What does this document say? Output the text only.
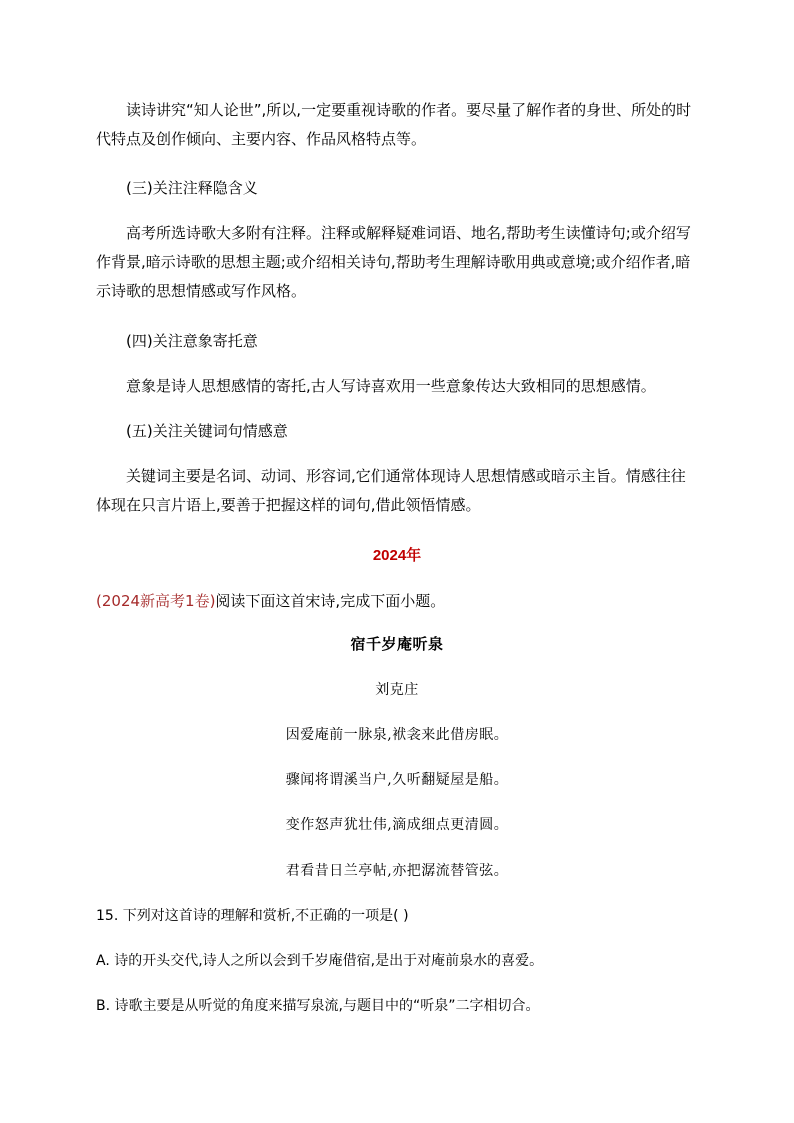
读诗讲究“知人论世”,所以,一定要重视诗歌的作者。要尽量了解作者的身世、所处的时代特点及创作倾向、主要内容、作品风格特点等。

(三)关注注释隐含义

高考所选诗歌大多附有注释。注释或解释疑难词语、地名,帮助考生读懂诗句;或介绍写作背景,暗示诗歌的思想主题;或介绍相关诗句,帮助考生理解诗歌用典或意境;或介绍作者,暗示诗歌的思想情感或写作风格。

(四)关注意象寄托意

意象是诗人思想感情的寄托,古人写诗喜欢用一些意象传达大致相同的思想感情。

(五)关注关键词句情感意

关键词主要是名词、动词、形容词,它们通常体现诗人思想情感或暗示主旨。情感往往体现在只言片语上,要善于把握这样的词句,借此领悟情感。

2024年

(2024新高考1卷)阅读下面这首宋诗,完成下面小题。

宿千岁庵听泉

刘克庄

因爱庵前一脉泉,袱衾来此借房眠。

骤闻将谓溪当户,久听翻疑屋是船。

变作怒声犹壮伟,滴成细点更清圆。

君看昔日兰亭帖,亦把潺流替管弦。

15. 下列对这首诗的理解和赏析,不正确的一项是( )

A. 诗的开头交代,诗人之所以会到千岁庵借宿,是出于对庵前泉水的喜爱。

B. 诗歌主要是从听觉的角度来描写泉流,与题目中的“听泉”二字相切合。
